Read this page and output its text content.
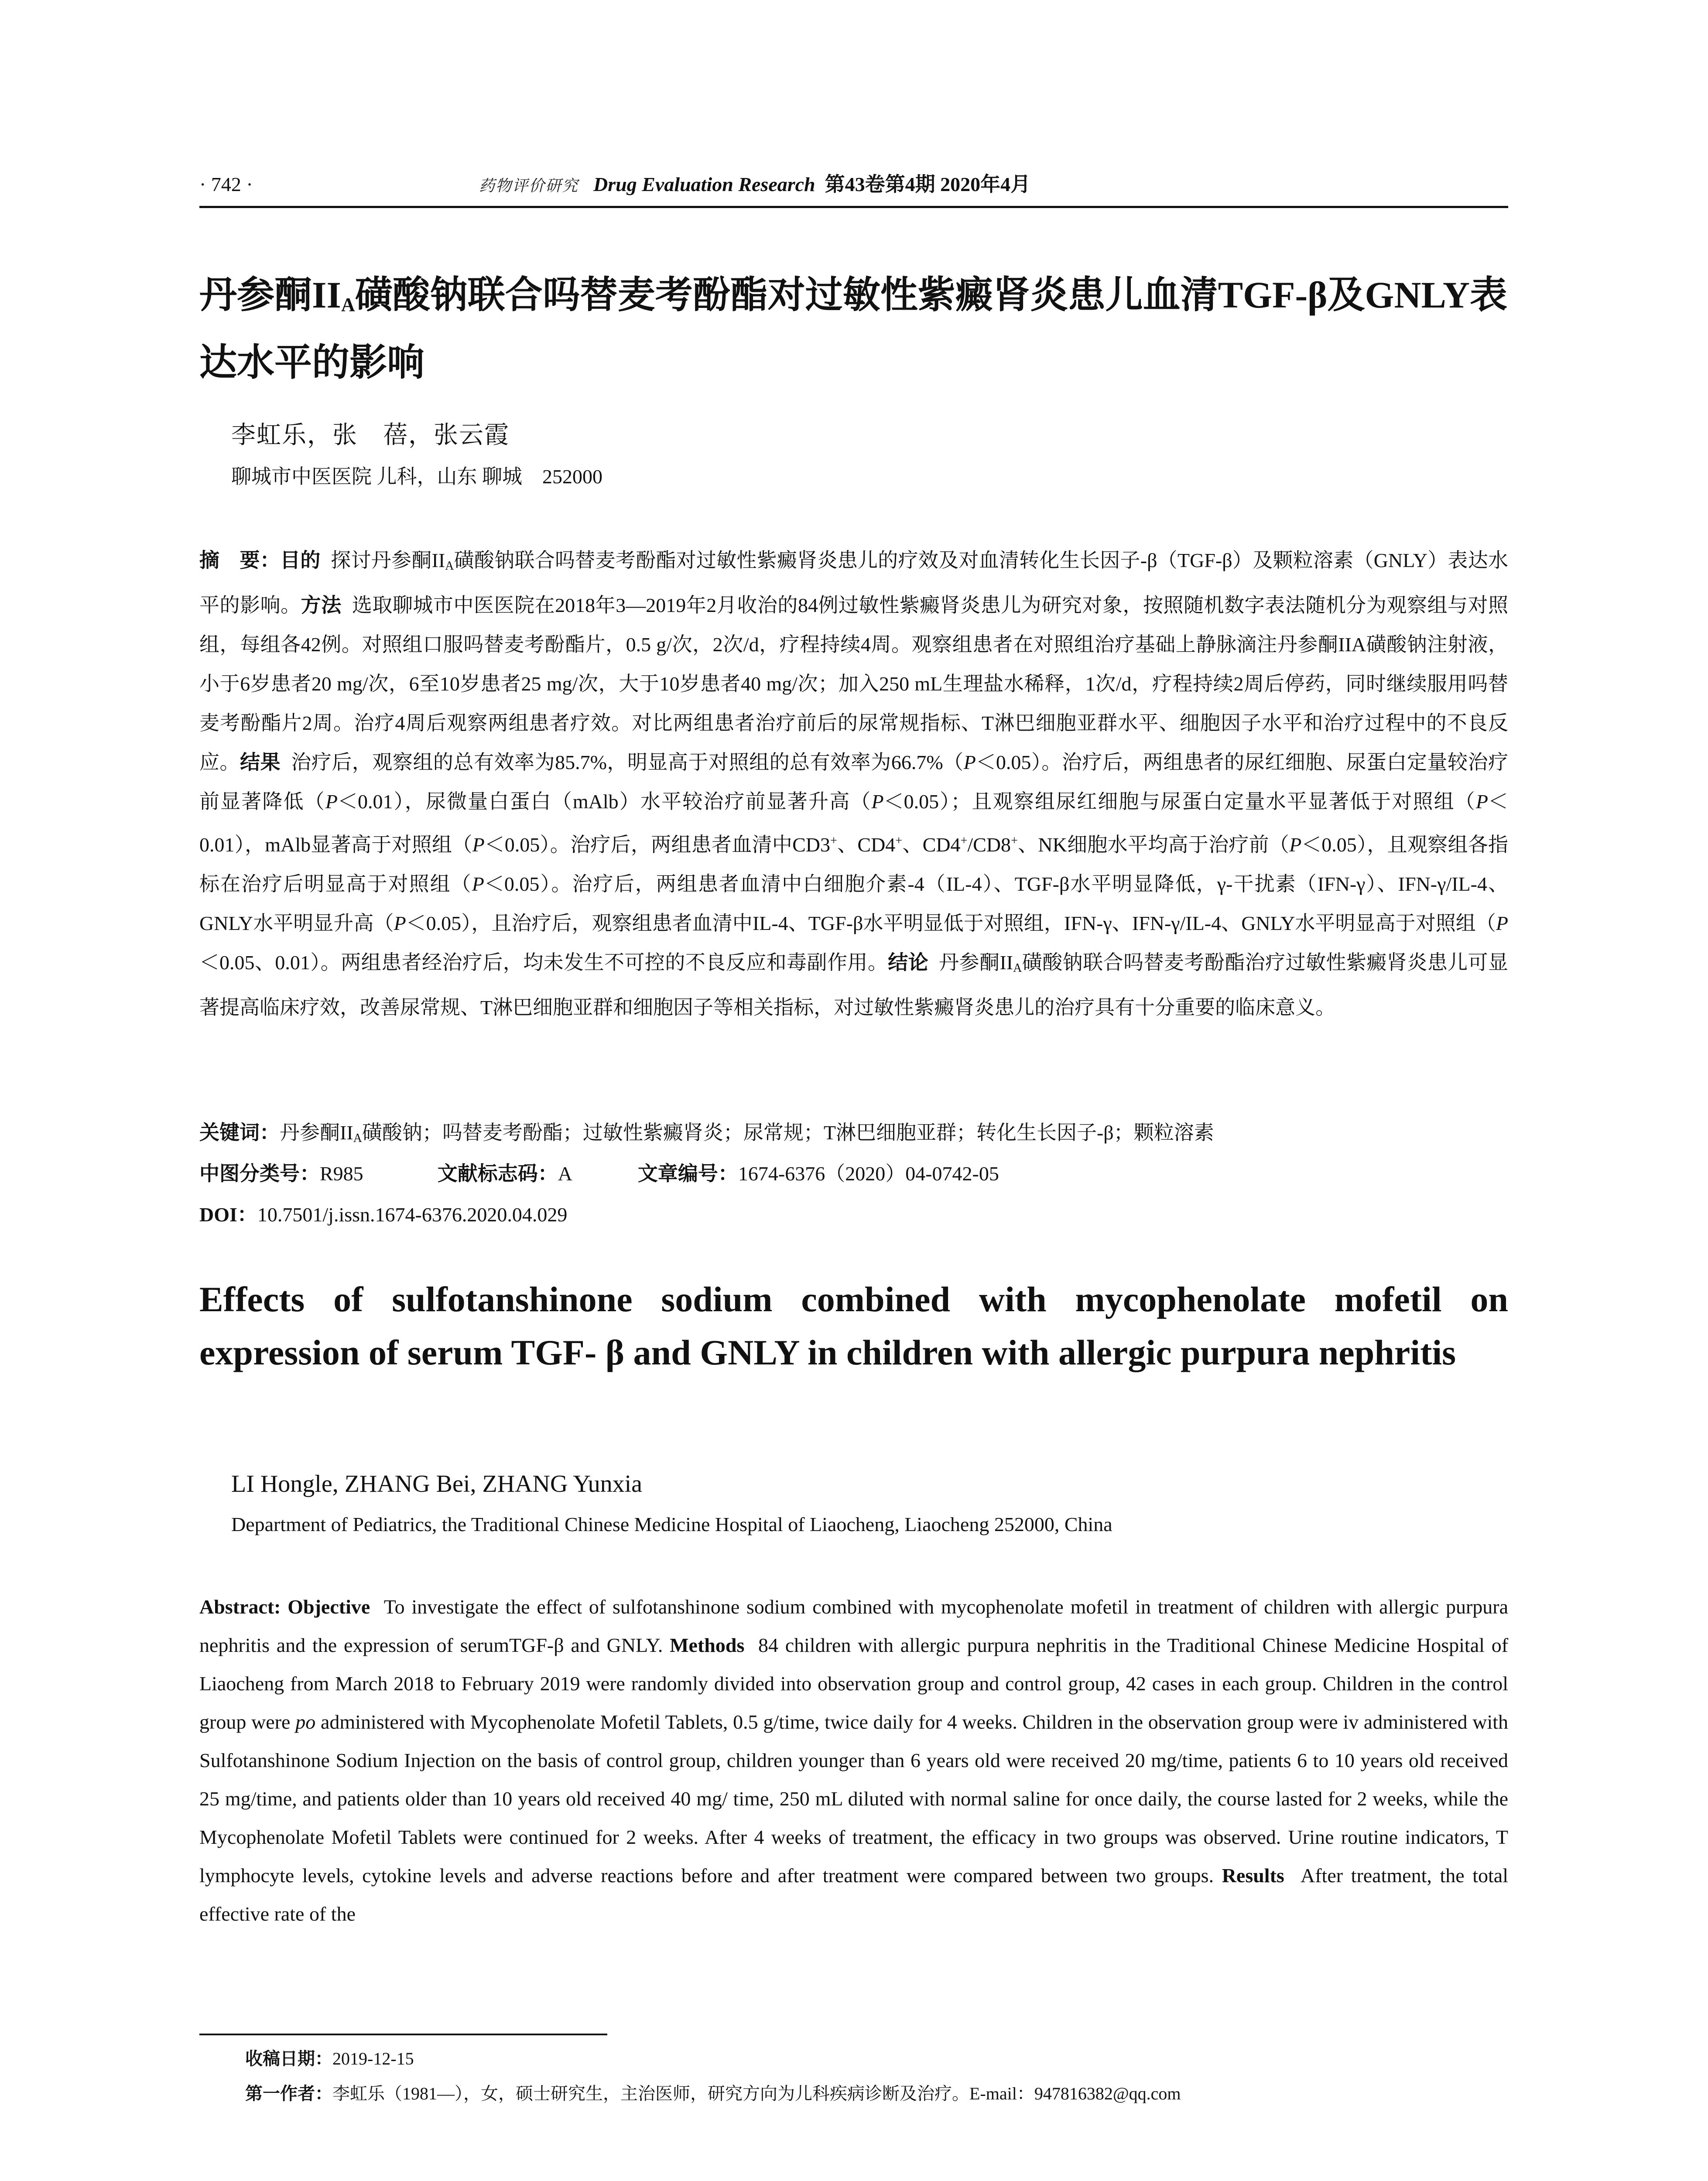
· 742 ·	药物评价研究 Drug Evaluation Research 第43卷第4期 2020年4月
丹参酮$II_A$磺酸钠联合吗替麦考酚酯对过敏性紫癜肾炎患儿血清TGF-β及GNLY表达水平的影响
李虹乐，张　蓓，张云霞
聊城市中医医院 儿科，山东 聊城　252000
摘　要：目的 探讨丹参酮$II_A$磺酸钠联合吗替麦考酚酯对过敏性紫癜肾炎患儿的疗效及对血清转化生长因子-β（TGF-β）及颗粒溶素（GNLY）表达水平的影响。方法 选取聊城市中医医院在2018年3—2019年2月收治的84例过敏性紫癜肾炎患儿为研究对象，按照随机数字表法随机分为观察组与对照组，每组各42例。对照组口服吗替麦考酚酯片，0.5 g/次，2次/d，疗程持续4周。观察组患者在对照组治疗基础上静脉滴注丹参酮IIA磺酸钠注射液，小于6岁患者20 mg/次，6至10岁患者25 mg/次，大于10岁患者40 mg/次；加入250 mL生理盐水稀释，1次/d，疗程持续2周后停药，同时继续服用吗替麦考酚酯片2周。治疗4周后观察两组患者疗效。对比两组患者治疗前后的尿常规指标、T淋巴细胞亚群水平、细胞因子水平和治疗过程中的不良反应。结果 治疗后，观察组的总有效率为85.7%，明显高于对照组的总有效率为66.7%（P＜0.05）。治疗后，两组患者的尿红细胞、尿蛋白定量较治疗前显著降低（P＜0.01），尿微量白蛋白（mAlb）水平较治疗前显著升高（P＜0.05）；且观察组尿红细胞与尿蛋白定量水平显著低于对照组（P＜0.01），mAlb显著高于对照组（P＜0.05）。治疗后，两组患者血清中CD3+、CD4+、CD4+/CD8+、NK细胞水平均高于治疗前（P＜0.05），且观察组各指标在治疗后明显高于对照组（P＜0.05）。治疗后，两组患者血清中白细胞介素-4（IL-4）、TGF-β水平明显降低，γ-干扰素（IFN-γ）、IFN-γ/IL-4、GNLY水平明显升高（P＜0.05），且治疗后，观察组患者血清中IL-4、TGF-β水平明显低于对照组，IFN-γ、IFN-γ/IL-4、GNLY水平明显高于对照组（P＜0.05、0.01）。两组患者经治疗后，均未发生不可控的不良反应和毒副作用。结论 丹参酮$II_A$磺酸钠联合吗替麦考酚酯治疗过敏性紫癜肾炎患儿可显著提高临床疗效，改善尿常规、T淋巴细胞亚群和细胞因子等相关指标，对过敏性紫癜肾炎患儿的治疗具有十分重要的临床意义。
关键词：丹参酮$II_A$磺酸钠；吗替麦考酚酯；过敏性紫癜肾炎；尿常规；T淋巴细胞亚群；转化生长因子-β；颗粒溶素
中图分类号：R985	文献标志码：A	文章编号：1674-6376（2020）04-0742-05
DOI：10.7501/j.issn.1674-6376.2020.04.029
Effects of sulfotanshinone sodium combined with mycophenolate mofetil on expression of serum TGF- β and GNLY in children with allergic purpura nephritis
LI Hongle, ZHANG Bei, ZHANG Yunxia
Department of Pediatrics, the Traditional Chinese Medicine Hospital of Liaocheng, Liaocheng 252000, China
Abstract: Objective To investigate the effect of sulfotanshinone sodium combined with mycophenolate mofetil in treatment of children with allergic purpura nephritis and the expression of serumTGF-β and GNLY. Methods 84 children with allergic purpura nephritis in the Traditional Chinese Medicine Hospital of Liaocheng from March 2018 to February 2019 were randomly divided into observation group and control group, 42 cases in each group. Children in the control group were po administered with Mycophenolate Mofetil Tablets, 0.5 g/time, twice daily for 4 weeks. Children in the observation group were iv administered with Sulfotanshinone Sodium Injection on the basis of control group, children younger than 6 years old were received 20 mg/time, patients 6 to 10 years old received 25 mg/time, and patients older than 10 years old received 40 mg/ time, 250 mL diluted with normal saline for once daily, the course lasted for 2 weeks, while the Mycophenolate Mofetil Tablets were continued for 2 weeks. After 4 weeks of treatment, the efficacy in two groups was observed. Urine routine indicators, T lymphocyte levels, cytokine levels and adverse reactions before and after treatment were compared between two groups. Results After treatment, the total effective rate of the
收稿日期：2019-12-15
第一作者：李虹乐（1981—），女，硕士研究生，主治医师，研究方向为儿科疾病诊断及治疗。E-mail：947816382@qq.com
